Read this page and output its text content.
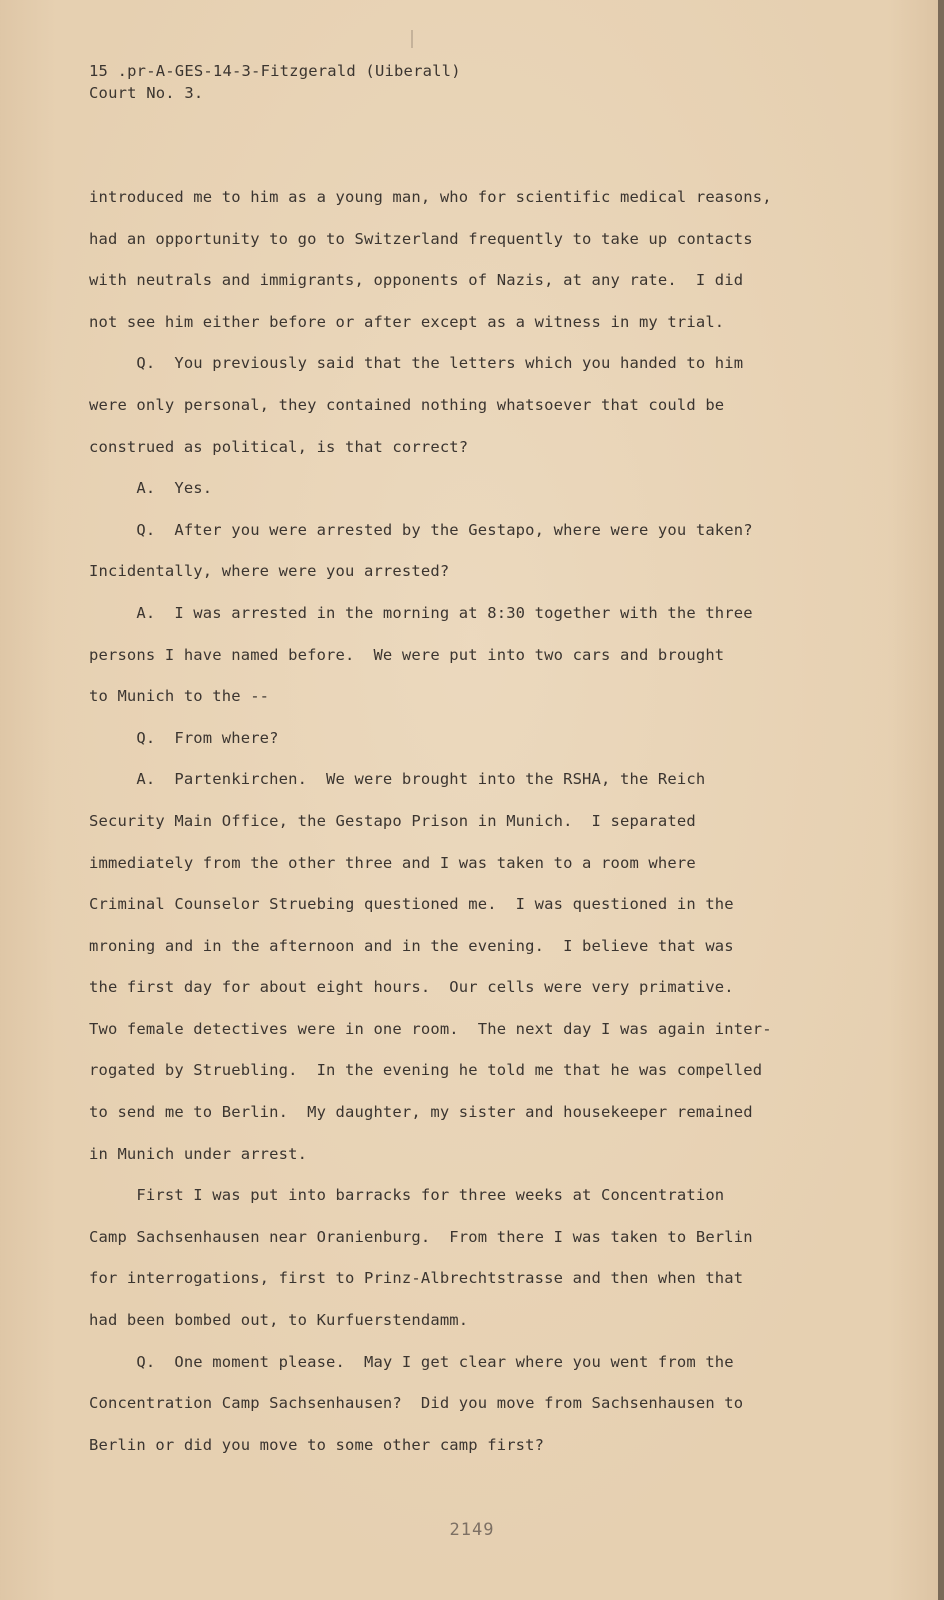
15 .pr-A-GES-14-3-Fitzgerald (Uiberall)
Court No. 3.
introduced me to him as a young man, who for scientific medical reasons,
had an opportunity to go to Switzerland frequently to take up contacts
with neutrals and immigrants, opponents of Nazis, at any rate.  I did
not see him either before or after except as a witness in my trial.
Q.  You previously said that the letters which you handed to him
were only personal, they contained nothing whatsoever that could be
construed as political, is that correct?
A.  Yes.
Q.  After you were arrested by the Gestapo, where were you taken?
Incidentally, where were you arrested?
A.  I was arrested in the morning at 8:30 together with the three
persons I have named before.  We were put into two cars and brought
to Munich to the --
Q.  From where?
A.  Partenkirchen.  We were brought into the RSHA, the Reich
Security Main Office, the Gestapo Prison in Munich.  I separated
immediately from the other three and I was taken to a room where
Criminal Counselor Struebing questioned me.  I was questioned in the
mroning and in the afternoon and in the evening.  I believe that was
the first day for about eight hours.  Our cells were very primative.
Two female detectives were in one room.  The next day I was again inter-
rogated by Struebling.  In the evening he told me that he was compelled
to send me to Berlin.  My daughter, my sister and housekeeper remained
in Munich under arrest.
First I was put into barracks for three weeks at Concentration
Camp Sachsenhausen near Oranienburg.  From there I was taken to Berlin
for interrogations, first to Prinz-Albrechtstrasse and then when that
had been bombed out, to Kurfuerstendamm.
Q.  One moment please.  May I get clear where you went from the
Concentration Camp Sachsenhausen?  Did you move from Sachsenhausen to
Berlin or did you move to some other camp first?
2149
